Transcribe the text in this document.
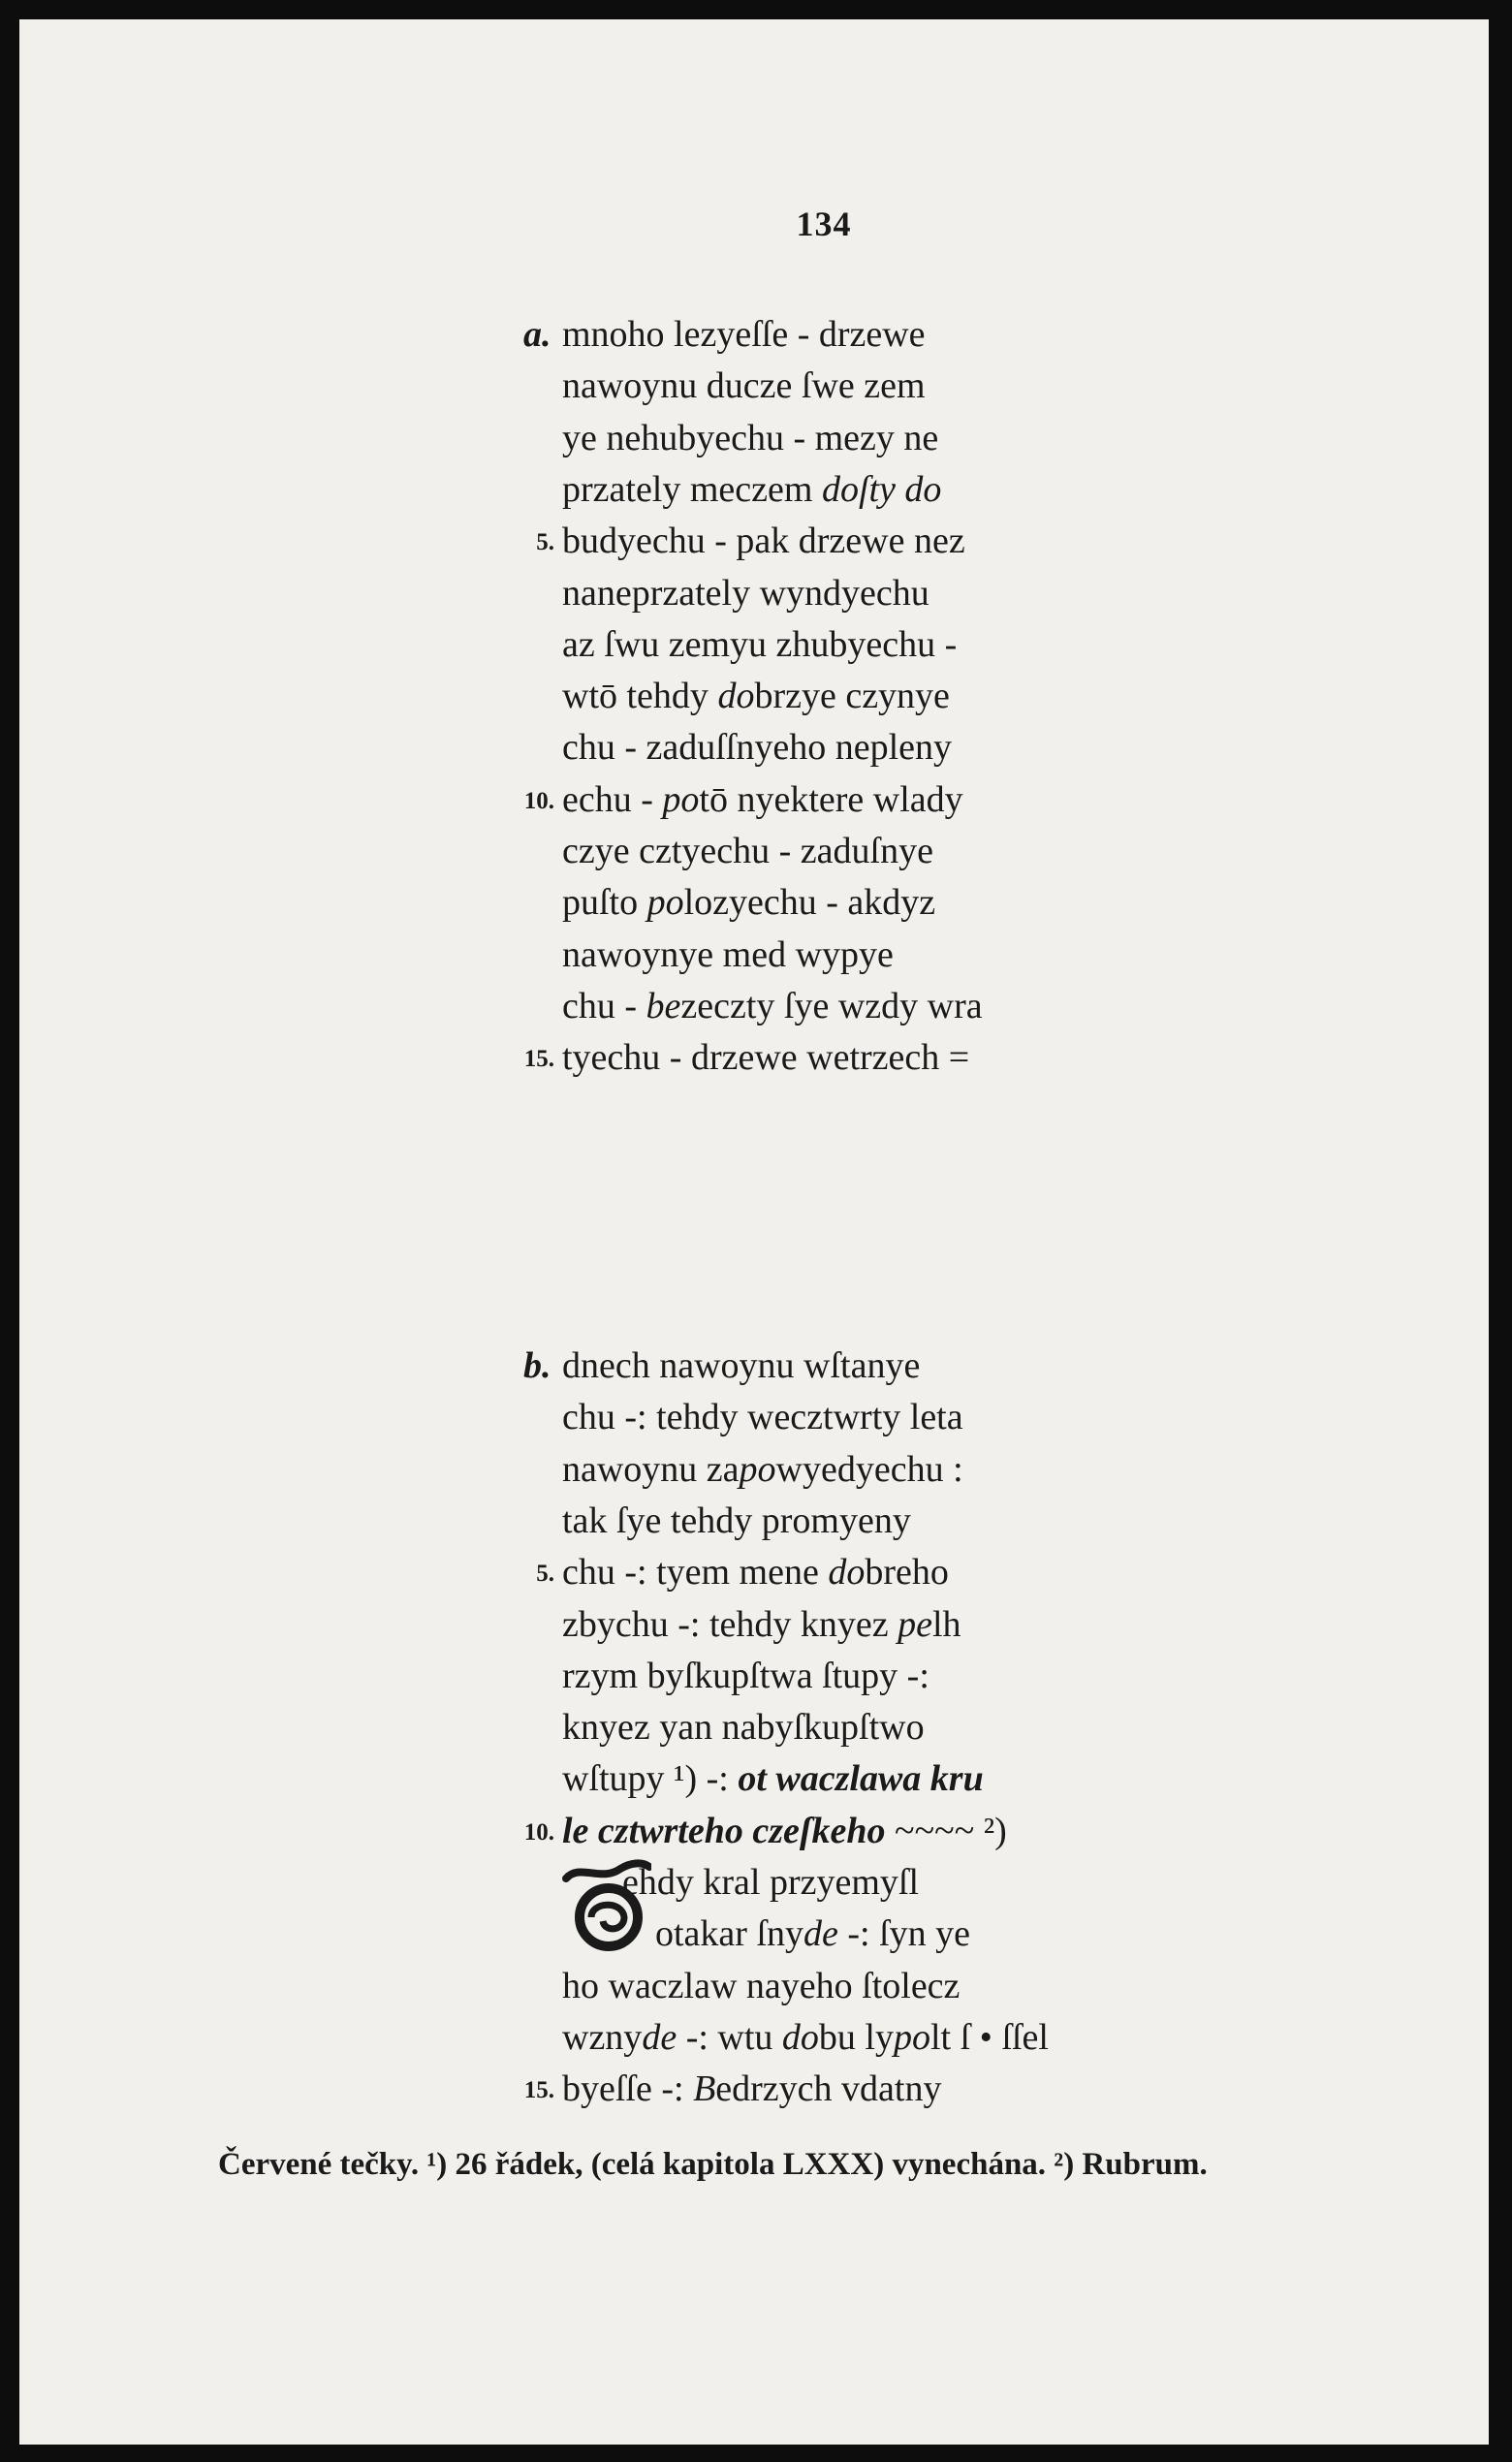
134
a. mnoho lezyeſſe - drzewe
nawoynu ducze ſwe zem
ye nehubyechu - mezy ne
przately meczem doſty do
5. budyechu - pak drzewe nez
naneprzately wyndyechu
az ſwu zemyu zhubyechu -
wtō tehdy dobrzye czynye
chu - zaduſſnyeho nepleny
10. echu - potō nyektere wlady
czye cztyechu - zaduſnye
puſto polozyechu - akdyz
nawoynye med wypye
chu - bezeczty ſye wzdy wra
15. tyechu - drzewe wetrzech =
b. dnech nawoynu wſtanye
chu -: tehdy wecztwrty leta
nawoynu zapowyedyechu :
tak ſye tehdy promyeny
5. chu -: tyem mene dobreho
zbychu -: tehdy knyez pelh
rzym byſkupſtwa ſtupy -:
knyez yan nabyſkupſtwo
wſtupy ¹) -: ot waczlawa kru
10. le cztwrteho czeſkeho ~~~~ ²)
ehdy kral przyemyſl
otakar ſnyde -: ſyn ye
ho waczlaw nayeho ſtolecz
wznyde -: wtu dobu lypolt ſ • ſſel
15. byeſſe -: Bedrzych vdatny
Červené tečky. ¹) 26 řádek, (celá kapitola LXXX) vynechána. ²) Rubrum.
